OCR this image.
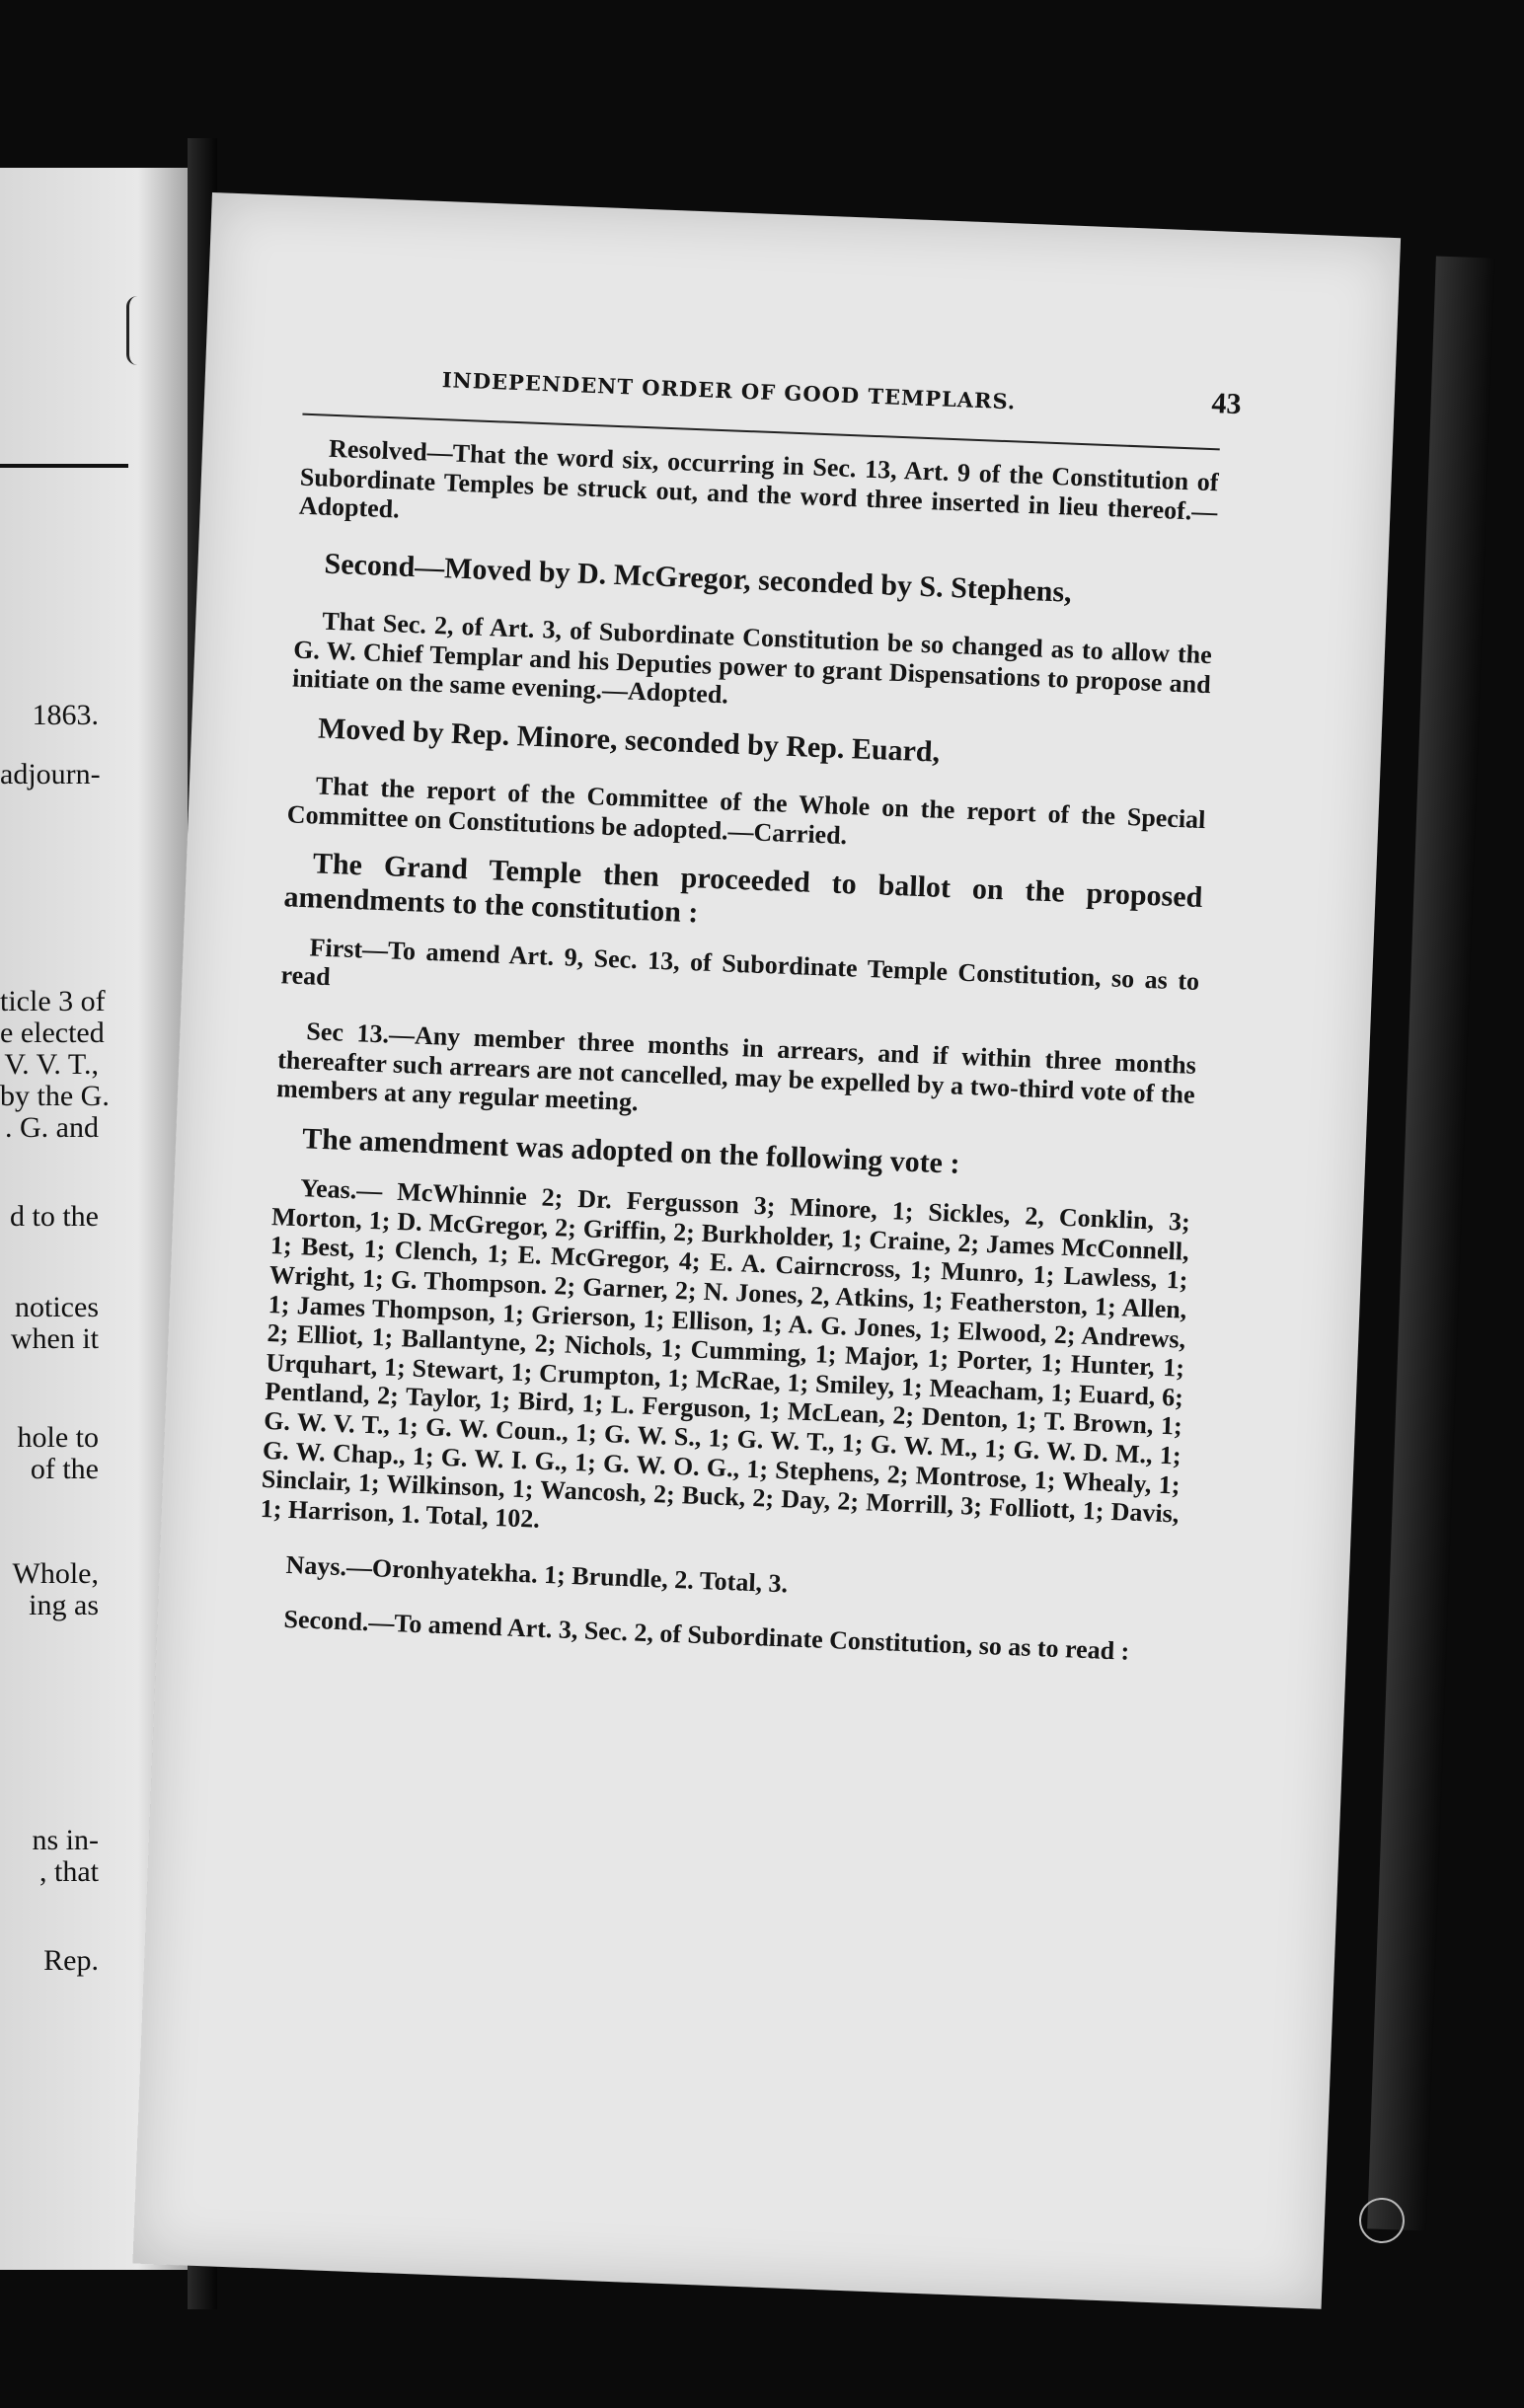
1863.
adjourn-
ticle 3 of
e elected
V. V. T.,
by the G.
. G. and
d to the
notices
when it
hole to
of the
Whole,
ing as
ns in-
, that
Rep.
INDEPENDENT ORDER OF GOOD TEMPLARS.	43

Resolved—That the word six, occurring in Sec. 13, Art. 9 of the Constitution of Subordinate Temples be struck out, and the word three inserted in lieu thereof.—Adopted.

Second—Moved by D. McGregor, seconded by S. Stephens,

That Sec. 2, of Art. 3, of Subordinate Constitution be so changed as to allow the G. W. Chief Templar and his Deputies power to grant Dispensations to propose and initiate on the same evening.—Adopted.

Moved by Rep. Minore, seconded by Rep. Euard,

That the report of the Committee of the Whole on the report of the Special Committee on Constitutions be adopted.—Carried.

The Grand Temple then proceeded to ballot on the proposed amendments to the constitution :

First—To amend Art. 9, Sec. 13, of Subordinate Temple Constitution, so as to read

Sec 13.—Any member three months in arrears, and if within three months thereafter such arrears are not cancelled, may be expelled by a two-third vote of the members at any regular meeting.

The amendment was adopted on the following vote :

Yeas.— McWhinnie 2; Dr. Fergusson 3; Minore, 1; Sickles, 2, Conklin, 3; Morton, 1; D. McGregor, 2; Griffin, 2; Burkholder, 1; Craine, 2; James McConnell, 1; Best, 1; Clench, 1; E. McGregor, 4; E. A. Cairncross, 1; Munro, 1; Lawless, 1; Wright, 1; G. Thompson. 2; Garner, 2; N. Jones, 2, Atkins, 1; Featherston, 1; Allen, 1; James Thompson, 1; Grierson, 1; Ellison, 1; A. G. Jones, 1; Elwood, 2; Andrews, 2; Elliot, 1; Ballantyne, 2; Nichols, 1; Cumming, 1; Major, 1; Porter, 1; Hunter, 1; Urquhart, 1; Stewart, 1; Crumpton, 1; McRae, 1; Smiley, 1; Meacham, 1; Euard, 6; Pentland, 2; Taylor, 1; Bird, 1; L. Ferguson, 1; McLean, 2; Denton, 1; T. Brown, 1; G. W. V. T., 1; G. W. Coun., 1; G. W. S., 1; G. W. T., 1; G. W. M., 1; G. W. D. M., 1; G. W. Chap., 1; G. W. I. G., 1; G. W. O. G., 1; Stephens, 2; Montrose, 1; Whealy, 1; Sinclair, 1; Wilkinson, 1; Wancosh, 2; Buck, 2; Day, 2; Morrill, 3; Folliott, 1; Davis, 1; Harrison, 1. Total, 102.

Nays.—Oronhyatekha. 1; Brundle, 2. Total, 3.

Second.—To amend Art. 3, Sec. 2, of Subordinate Constitution, so as to read :
